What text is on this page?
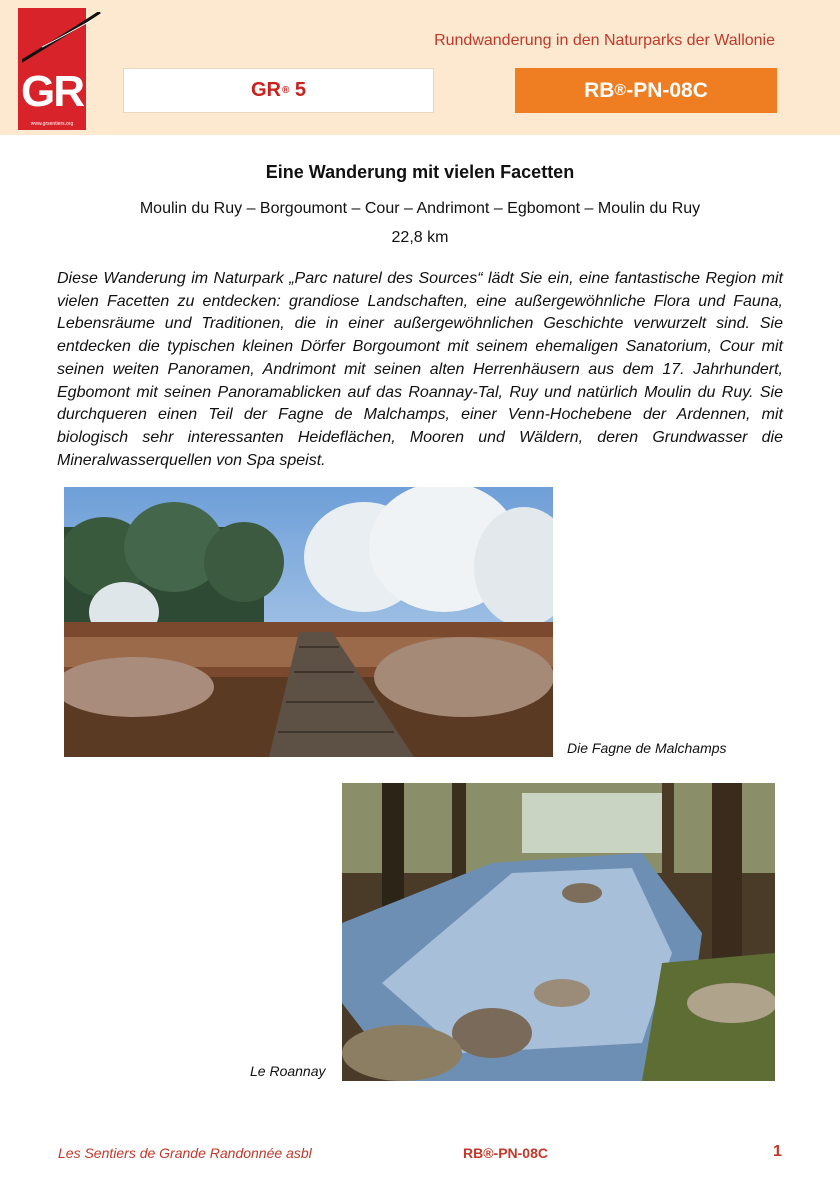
GR
www.grsentiers.org
Rundwanderung in den Naturparks der Wallonie
GR ® 5	RB ® -PN-08C
Eine Wanderung mit vielen Facetten
Moulin du Ruy – Borgoumont – Cour – Andrimont – Egbomont – Moulin du Ruy
22,8 km

Diese Wanderung im Naturpark „Parc naturel des Sources“ lädt Sie ein, eine fantastische Region mit vielen Facetten zu entdecken: grandiose Landschaften, eine außergewöhnliche Flora und Fauna, Lebensräume und Traditionen, die in einer außergewöhnlichen Geschichte verwurzelt sind. Sie entdecken die typischen kleinen Dörfer Borgoumont mit seinem ehemaligen Sanatorium, Cour mit seinen weiten Panoramen, Andrimont mit seinen alten Herrenhäusern aus dem 17. Jahrhundert, Egbomont mit seinen Panoramablicken auf das Roannay-Tal, Ruy und natürlich Moulin du Ruy. Sie durchqueren einen Teil der Fagne de Malchamps, einer Venn-Hochebene der Ardennen, mit biologisch sehr interessanten Heideflächen, Mooren und Wäldern, deren Grundwasser die Mineralwasserquellen von Spa speist.

Die Fagne de Malchamps
Le Roannay
Les Sentiers de Grande Randonnée asbl	RB®-PN-08C	1
